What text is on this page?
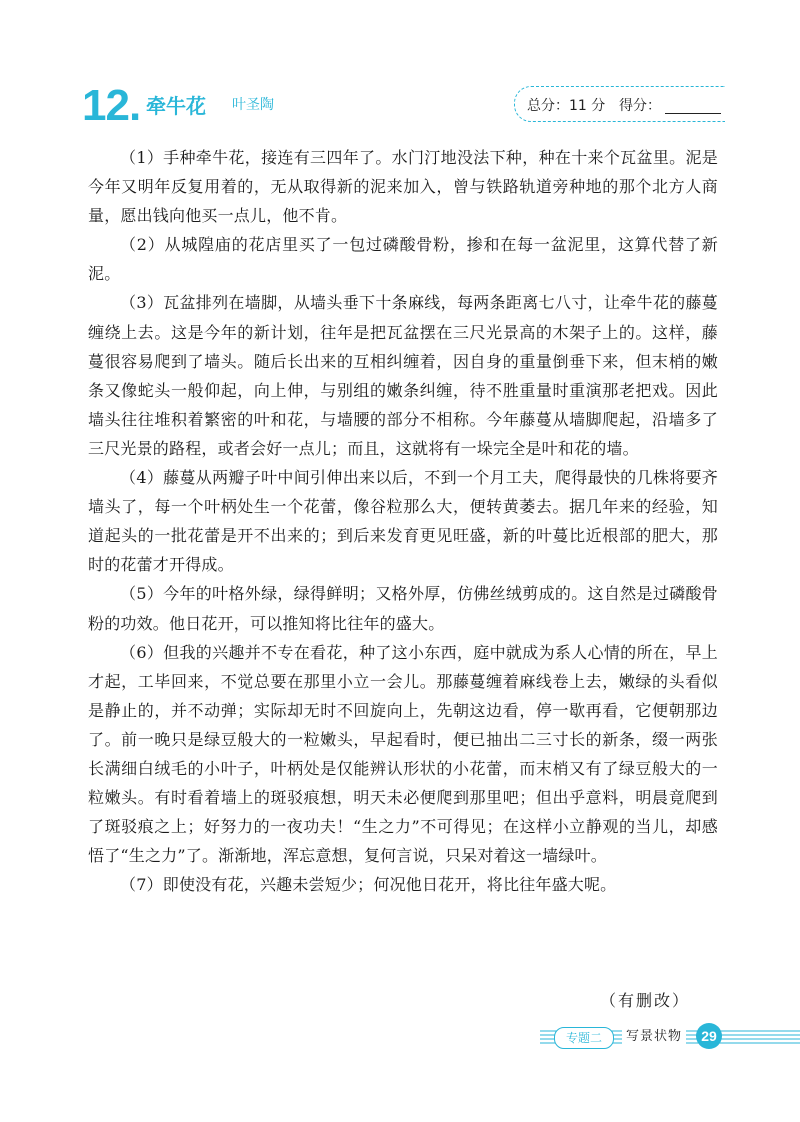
12. 牵牛花 叶圣陶	总分：11 分 得分：

（1）手种牵牛花，接连有三四年了。水门汀地没法下种，种在十来个瓦盆里。泥是今年又明年反复用着的，无从取得新的泥来加入，曾与铁路轨道旁种地的那个北方人商量，愿出钱向他买一点儿，他不肯。

（2）从城隍庙的花店里买了一包过磷酸骨粉，掺和在每一盆泥里，这算代替了新泥。

（3）瓦盆排列在墙脚，从墙头垂下十条麻线，每两条距离七八寸，让牵牛花的藤蔓缠绕上去。这是今年的新计划，往年是把瓦盆摆在三尺光景高的木架子上的。这样，藤蔓很容易爬到了墙头。随后长出来的互相纠缠着，因自身的重量倒垂下来，但末梢的嫩条又像蛇头一般仰起，向上伸，与别组的嫩条纠缠，待不胜重量时重演那老把戏。因此墙头往往堆积着繁密的叶和花，与墙腰的部分不相称。今年藤蔓从墙脚爬起，沿墙多了三尺光景的路程，或者会好一点儿；而且，这就将有一垛完全是叶和花的墙。

（4）藤蔓从两瓣子叶中间引伸出来以后，不到一个月工夫，爬得最快的几株将要齐墙头了，每一个叶柄处生一个花蕾，像谷粒那么大，便转黄萎去。据几年来的经验，知道起头的一批花蕾是开不出来的；到后来发育更见旺盛，新的叶蔓比近根部的肥大，那时的花蕾才开得成。

（5）今年的叶格外绿，绿得鲜明；又格外厚，仿佛丝绒剪成的。这自然是过磷酸骨粉的功效。他日花开，可以推知将比往年的盛大。

（6）但我的兴趣并不专在看花，种了这小东西，庭中就成为系人心情的所在，早上才起，工毕回来，不觉总要在那里小立一会儿。那藤蔓缠着麻线卷上去，嫩绿的头看似是静止的，并不动弹；实际却无时不回旋向上，先朝这边看，停一歇再看，它便朝那边了。前一晚只是绿豆般大的一粒嫩头，早起看时，便已抽出二三寸长的新条，缀一两张长满细白绒毛的小叶子，叶柄处是仅能辨认形状的小花蕾，而末梢又有了绿豆般大的一粒嫩头。有时看着墙上的斑驳痕想，明天未必便爬到那里吧；但出乎意料，明晨竟爬到了斑驳痕之上；好努力的一夜功夫！“生之力”不可得见；在这样小立静观的当儿，却感悟了“生之力”了。渐渐地，浑忘意想，复何言说，只呆对着这一墙绿叶。

（7）即使没有花，兴趣未尝短少；何况他日花开，将比往年盛大呢。

（有删改）
专题二	写景状物	29
